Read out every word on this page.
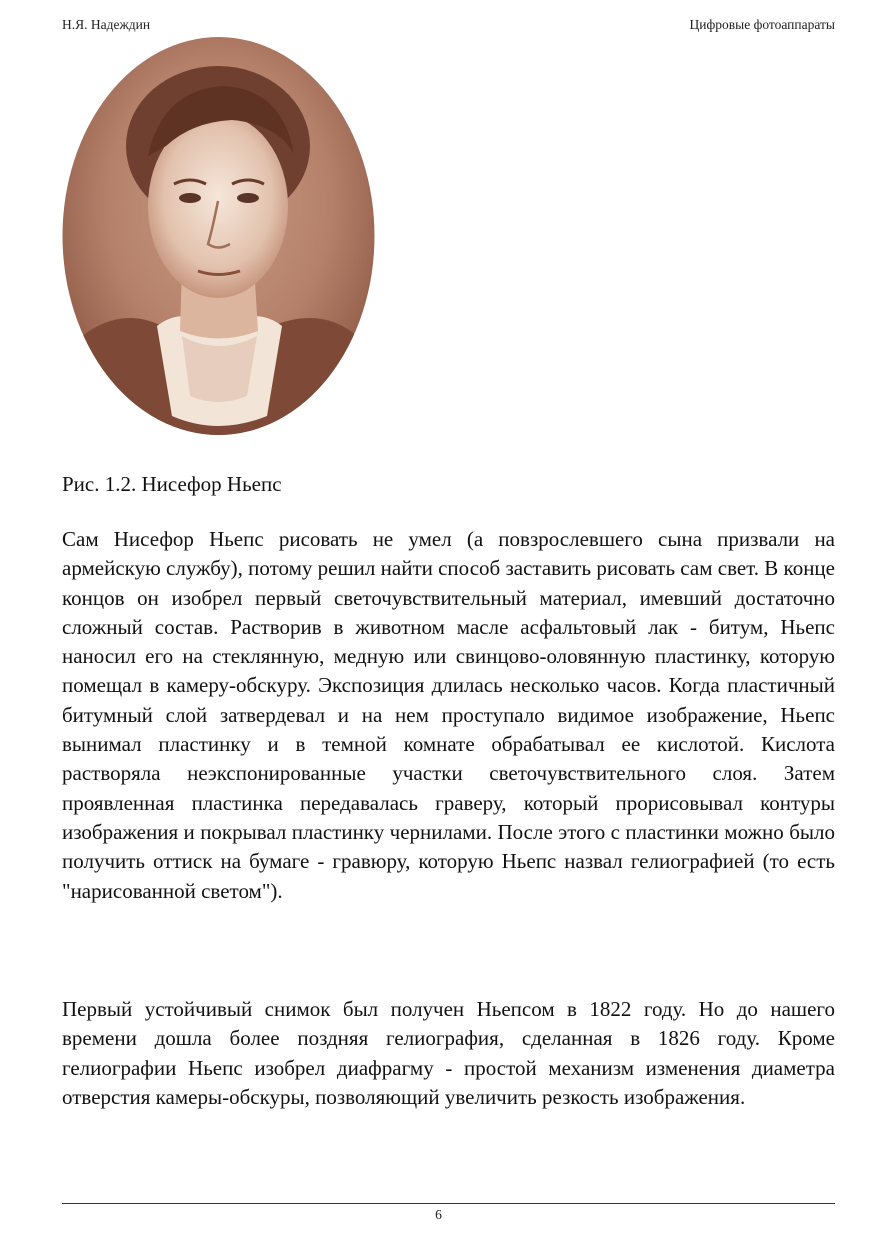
Н.Я. Надеждин	Цифровые фотоаппараты
Рис. 1.2. Нисефор Ньепс

Сам Нисефор Ньепс рисовать не умел (а повзрослевшего сына призвали на армейскую службу), потому решил найти способ заставить рисовать сам свет. В конце концов он изобрел первый светочувствительный материал, имевший достаточно сложный состав. Растворив в животном масле асфальтовый лак - битум, Ньепс наносил его на стеклянную, медную или свинцово-оловянную пластинку, которую помещал в камеру-обскуру. Экспозиция длилась несколько часов. Когда пластичный битумный слой затвердевал и на нем проступало видимое изображение, Ньепс вынимал пластинку и в темной комнате обрабатывал ее кислотой. Кислота растворяла неэкспонированные участки светочувствительного слоя. Затем проявленная пластинка передавалась граверу, который прорисовывал контуры изображения и покрывал пластинку чернилами. После этого с пластинки можно было получить оттиск на бумаге - гравюру, которую Ньепс назвал гелиографией (то есть "нарисованной светом").

Первый устойчивый снимок был получен Ньепсом в 1822 году. Но до нашего времени дошла более поздняя гелиография, сделанная в 1826 году. Кроме гелиографии Ньепс изобрел диафрагму - простой механизм изменения диаметра отверстия камеры-обскуры, позволяющий увеличить резкость изображения.

6
